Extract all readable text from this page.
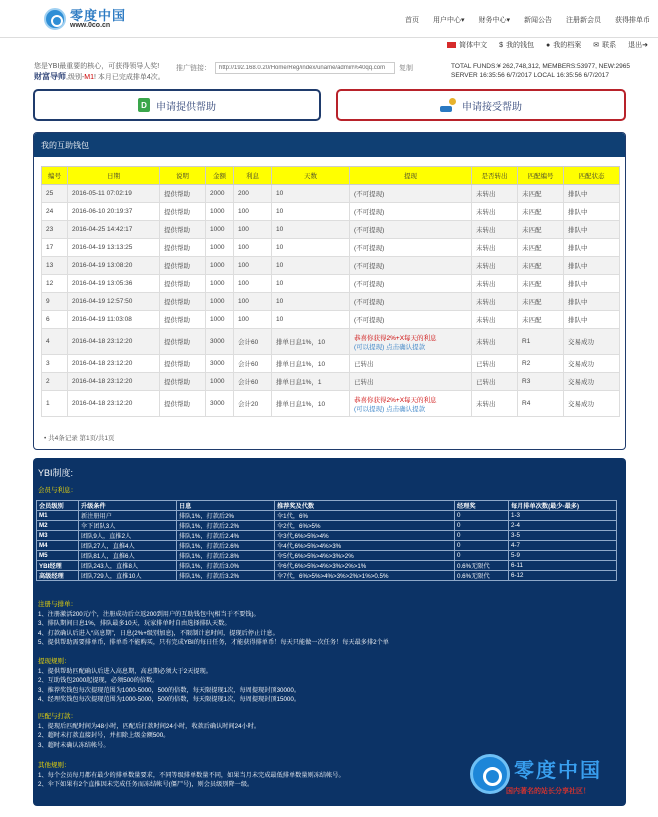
零度中国
www.0co.cn
首页 用户中心▾ 财务中心▾ 新闻公告 注册新会员 获得排单币
简体中文 $ 我的钱包 ● 我的档案 ✉ 联系 退出➜
您是YBI最重要的核心，可获得领导人奖!
财富导师,级别-M1! 本月已完成排单4次。
推广链接：
http://192.168.0.20/Home/Reg/index/uname/admin%40qq.com	复制	TOTAL FUNDS:¥ 262,748,312, MEMBERS:53977, NEW:2965
SERVER 16:35:56 6/7/2017 LOCAL 16:35:56 6/7/2017
D 申请提供帮助	申请接受帮助
我的互助钱包
编号	日期	说明	金额	利息	天数	提现	是否转出	匹配编号	匹配状态
25	2016-05-11 07:02:19	提供帮助	2000	200	10	(不可提现)	未转出	未匹配	排队中
24	2016-06-10 20:19:37	提供帮助	1000	100	10	(不可提现)	未转出	未匹配	排队中
23	2016-04-25 14:42:17	提供帮助	1000	100	10	(不可提现)	未转出	未匹配	排队中
17	2016-04-19 13:13:25	提供帮助	1000	100	10	(不可提现)	未转出	未匹配	排队中
13	2016-04-19 13:08:20	提供帮助	1000	100	10	(不可提现)	未转出	未匹配	排队中
12	2016-04-19 13:05:36	提供帮助	1000	100	10	(不可提现)	未转出	未匹配	排队中
9	2016-04-19 12:57:50	提供帮助	1000	100	10	(不可提现)	未转出	未匹配	排队中
6	2016-04-19 11:03:08	提供帮助	1000	100	10	(不可提现)	未转出	未匹配	排队中
4	2016-04-18 23:12:20	提供帮助	3000	会计60	排单日息1%，10	恭喜你获得2%+X每天的利息
(可以提现) 点击确认提款	未转出	R1	交易成功
3	2016-04-18 23:12:20	提供帮助	3000	会计60	排单日息1%，10	已转出	已转出	R2	交易成功
2	2016-04-18 23:12:20	提供帮助	1000	会计60	排单日息1%，1	已转出	已转出	R3	交易成功
1	2016-04-18 23:12:20	提供帮助	3000	会计20	排单日息1%，10	恭喜你获得2%+X每天的利息
(可以提现) 点击确认提款	未转出	R4	交易成功
• 共4条记录 第1页/共1页
YBI制度:
会员与利息：
会员级别	升级条件	日息	推荐奖及代数	经理奖	每月排单次数(最少-最多)
M1	新注册用户	排队1%，打款后2%	伞1代，6%	0	1-3
M2	伞下团队3人	排队1%，打款后2.2%	伞2代，6%>5%	0	2-4
M3	团队9人，直推2人	排队1%，打款后2.4%	伞3代,6%>5%>4%	0	3-5
M4	团队27人，直推4人	排队1%，打款后2.6%	伞4代,6%>5%>4%>3%	0	4-7
M5	团队81人，直推6人	排队1%，打款后2.8%	伞5代,6%>5%>4%>3%>2%	0	5-9
YBI经理	团队243人，直推8人	排队1%，打款后3.0%	伞6代,6%>5%>4%>3%>2%>1%	0.6%无限代	6-11
高级经理	团队729人，直推10人	排队1%，打款后3.2%	伞7代，6%>5%>4%>3%>2%>1%>0.5%	0.6%无限代	6-12
注册与排单：

1、注册激活200元/个，注册成功后立返200到用户的互助钱包中(相当于不要钱)。

3、排队期间日息1%，排队最多10天，玩家排单时自由选择排队天数。

4、打款确认后进入“高息期”，日息(2%+级别加息)，不限制计息时间，提现后停止计息。

5、提供帮助需要排单币，排单币不能购买，只有完成YBI的每日任务，才能获得排单币！每天只能做一次任务！每天最多排2个单

提现规则：

1、提供帮助匹配确认后进入高息期，高息期必须大于2天提现。

2、互助钱包2000起提现，必须500的倍数。

3、推荐奖钱包每次提现范围为1000-5000，500的倍数，每天限提现1次，每周提现封顶30000。

4、经理奖钱包每次提现范围为1000-5000，500的倍数，每天限提现1次，每周提现封顶15000。

匹配与打款：

1、提现后匹配时间为48小时，匹配后打款时间24小时，收款后确认时间24小时。

2、超时未打款直接封号，并扣除上级金额500。

3、超时未确认冻结帐号。

其他规则：

1、每个会员每月都有最少的排单数量要求，不同等级排单数量不同，如果当月未完成最低排单数量则冻结帐号。

2、伞下如果有2个直推因未完成任务而冻结帐号(僵尸号)，则会员级别降一级。

零度中国
国内著名的站长分享社区！
